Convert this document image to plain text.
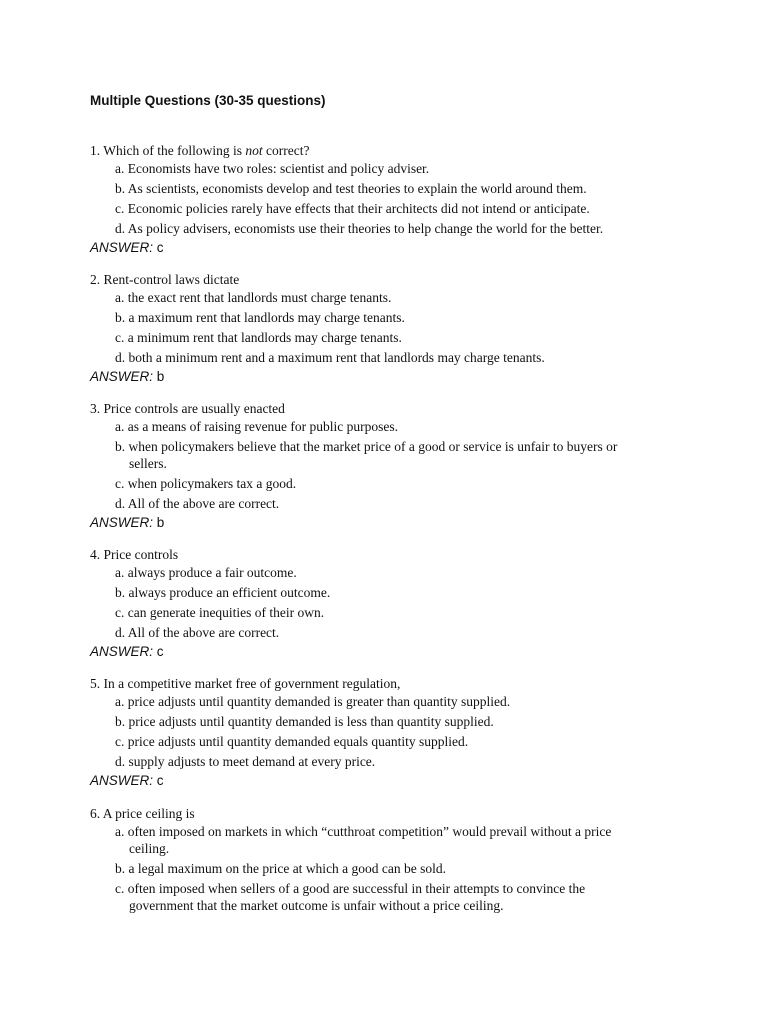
Multiple Questions (30-35 questions)
1. Which of the following is not correct?
a. Economists have two roles: scientist and policy adviser.
b. As scientists, economists develop and test theories to explain the world around them.
c. Economic policies rarely have effects that their architects did not intend or anticipate.
d. As policy advisers, economists use their theories to help change the world for the better.
ANSWER: c
2. Rent-control laws dictate
a. the exact rent that landlords must charge tenants.
b. a maximum rent that landlords may charge tenants.
c. a minimum rent that landlords may charge tenants.
d. both a minimum rent and a maximum rent that landlords may charge tenants.
ANSWER: b
3. Price controls are usually enacted
a. as a means of raising revenue for public purposes.
b. when policymakers believe that the market price of a good or service is unfair to buyers or sellers.
c. when policymakers tax a good.
d. All of the above are correct.
ANSWER: b
4. Price controls
a. always produce a fair outcome.
b. always produce an efficient outcome.
c. can generate inequities of their own.
d. All of the above are correct.
ANSWER: c
5. In a competitive market free of government regulation,
a. price adjusts until quantity demanded is greater than quantity supplied.
b. price adjusts until quantity demanded is less than quantity supplied.
c. price adjusts until quantity demanded equals quantity supplied.
d. supply adjusts to meet demand at every price.
ANSWER: c
6. A price ceiling is
a. often imposed on markets in which “cutthroat competition” would prevail without a price ceiling.
b. a legal maximum on the price at which a good can be sold.
c. often imposed when sellers of a good are successful in their attempts to convince the government that the market outcome is unfair without a price ceiling.
